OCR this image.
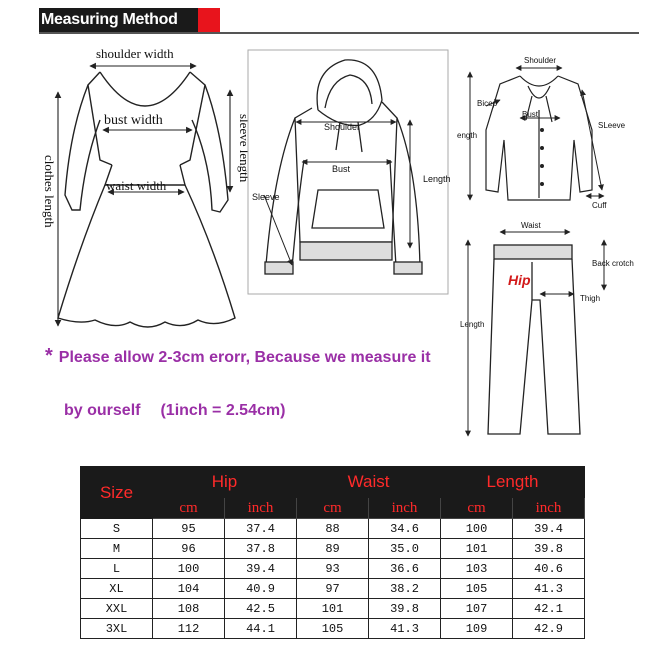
Measuring Method
shoulder width
bust width
waist width
sleeve length
clothes length
Shoulder
Bust
Length
Sleeve
Shoulder
Bicep
Bust
SLeeve
ength
Cuff
Waist
Hip
Back crotch
Thigh
Length
* Please allow 2-3cm erorr, Because we measure it
by ourself (1inch = 2.54cm)
Size	Hip		Waist		Length	
	cm	inch	cm	inch	cm	inch
S	95	37.4	88	34.6	100	39.4
M	96	37.8	89	35.0	101	39.8
L	100	39.4	93	36.6	103	40.6
XL	104	40.9	97	38.2	105	41.3
XXL	108	42.5	101	39.8	107	42.1
3XL	112	44.1	105	41.3	109	42.9
